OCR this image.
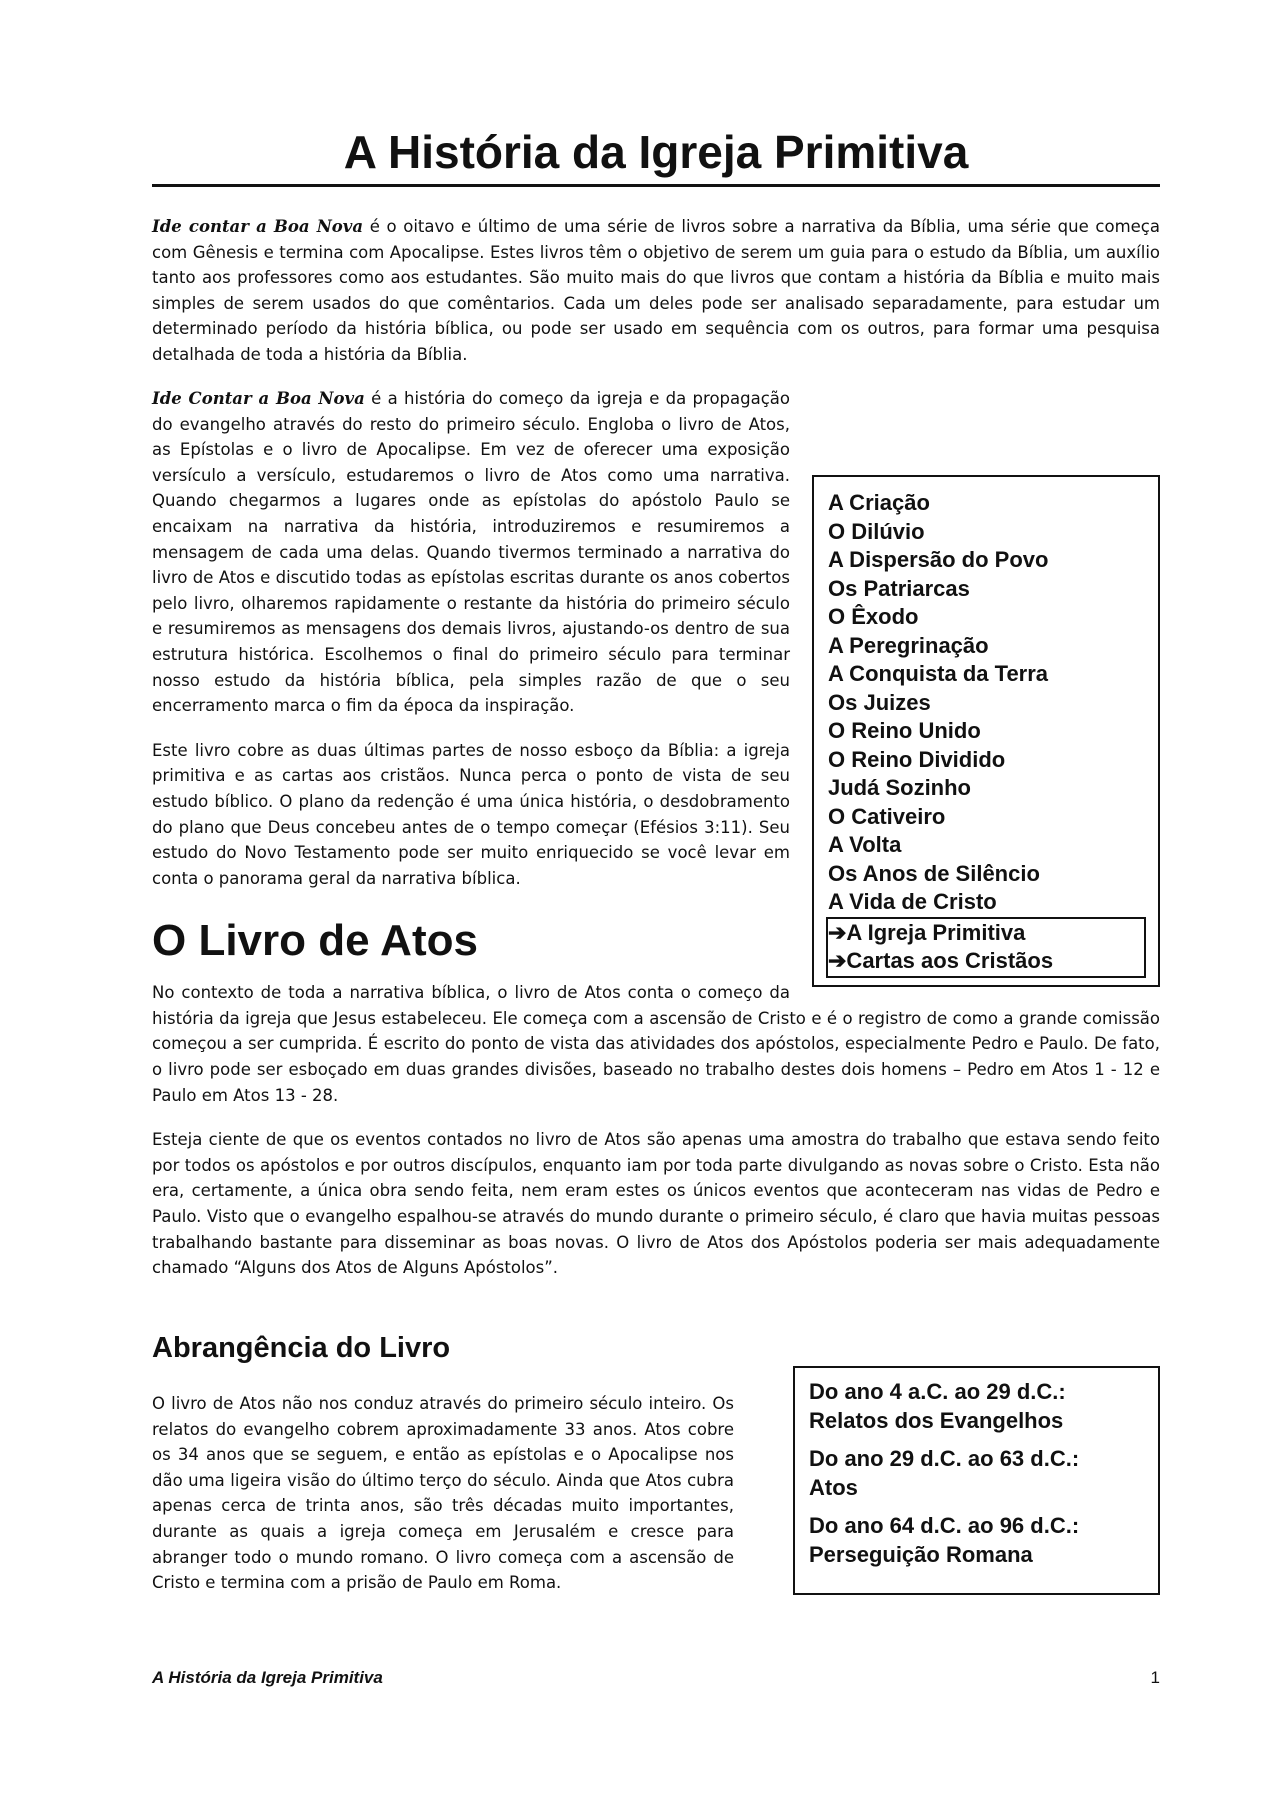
A História da Igreja Primitiva

Ide contar a Boa Nova é o oitavo e último de uma série de livros sobre a narrativa da Bíblia, uma série que começa com Gênesis e termina com Apocalipse. Estes livros têm o objetivo de serem um guia para o estudo da Bíblia, um auxílio tanto aos professores como aos estudantes. São muito mais do que livros que contam a história da Bíblia e muito mais simples de serem usados do que comêntarios. Cada um deles pode ser analisado separadamente, para estudar um determinado período da história bíblica, ou pode ser usado em sequência com os outros, para formar uma pesquisa detalhada de toda a história da Bíblia.

A Criação
O Dilúvio
A Dispersão do Povo
Os Patriarcas
O Êxodo
A Peregrinação
A Conquista da Terra
Os Juizes
O Reino Unido
O Reino Dividido
Judá Sozinho
O Cativeiro
A Volta
Os Anos de Silêncio
A Vida de Cristo
➔A Igreja Primitiva
➔Cartas aos Cristãos

Ide Contar a Boa Nova é a história do começo da igreja e da propagação do evangelho através do resto do primeiro século. Engloba o livro de Atos, as Epístolas e o livro de Apocalipse. Em vez de oferecer uma exposição versículo a versículo, estudaremos o livro de Atos como uma narrativa. Quando chegarmos a lugares onde as epístolas do apóstolo Paulo se encaixam na narrativa da história, introduziremos e resumiremos a mensagem de cada uma delas. Quando tivermos terminado a narrativa do livro de Atos e discutido todas as epístolas escritas durante os anos cobertos pelo livro, olharemos rapidamente o restante da história do primeiro século e resumiremos as mensagens dos demais livros, ajustando-os dentro de sua estrutura histórica. Escolhemos o final do primeiro século para terminar nosso estudo da história bíblica, pela simples razão de que o seu encerramento marca o fim da época da inspiração.

Este livro cobre as duas últimas partes de nosso esboço da Bíblia: a igreja primitiva e as cartas aos cristãos. Nunca perca o ponto de vista de seu estudo bíblico. O plano da redenção é uma única história, o desdobramento do plano que Deus concebeu antes de o tempo começar (Efésios 3:11). Seu estudo do Novo Testamento pode ser muito enriquecido se você levar em conta o panorama geral da narrativa bíblica.

O Livro de Atos

No contexto de toda a narrativa bíblica, o livro de Atos conta o começo da história da igreja que Jesus estabeleceu. Ele começa com a ascensão de Cristo e é o registro de como a grande comissão começou a ser cumprida. É escrito do ponto de vista das atividades dos apóstolos, especialmente Pedro e Paulo. De fato, o livro pode ser esboçado em duas grandes divisões, baseado no trabalho destes dois homens – Pedro em Atos 1 - 12 e Paulo em Atos 13 - 28.

Esteja ciente de que os eventos contados no livro de Atos são apenas uma amostra do trabalho que estava sendo feito por todos os apóstolos e por outros discípulos, enquanto iam por toda parte divulgando as novas sobre o Cristo. Esta não era, certamente, a única obra sendo feita, nem eram estes os únicos eventos que aconteceram nas vidas de Pedro e Paulo. Visto que o evangelho espalhou-se através do mundo durante o primeiro século, é claro que havia muitas pessoas trabalhando bastante para disseminar as boas novas. O livro de Atos dos Apóstolos poderia ser mais adequadamente chamado “Alguns dos Atos de Alguns Apóstolos”.

Abrangência do Livro

O livro de Atos não nos conduz através do primeiro século inteiro. Os relatos do evangelho cobrem aproximadamente 33 anos. Atos cobre os 34 anos que se seguem, e então as epístolas e o Apocalipse nos dão uma ligeira visão do último terço do século. Ainda que Atos cubra apenas cerca de trinta anos, são três décadas muito importantes, durante as quais a igreja começa em Jerusalém e cresce para abranger todo o mundo romano. O livro começa com a ascensão de Cristo e termina com a prisão de Paulo em Roma.

Do ano 4 a.C. ao 29 d.C.:
Relatos dos Evangelhos
Do ano 29 d.C. ao 63 d.C.:
Atos
Do ano 64 d.C. ao 96 d.C.:
Perseguição Romana
A História da Igreja Primitiva	1
